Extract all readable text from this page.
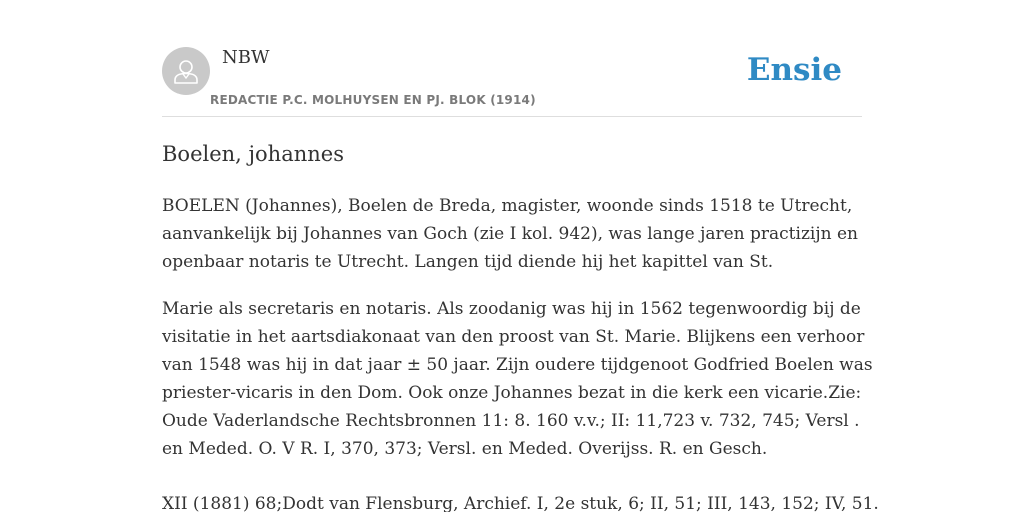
NBW
REDACTIE P.C. MOLHUYSEN EN PJ. BLOK (1914)
Ensie
Boelen, johannes

BOELEN (Johannes), Boelen de Breda, magister, woonde sinds 1518 te Utrecht,
aanvankelijk bij Johannes van Goch (zie I kol. 942), was lange jaren practizijn en
openbaar notaris te Utrecht. Langen tijd diende hij het kapittel van St.

Marie als secretaris en notaris. Als zoodanig was hij in 1562 tegenwoordig bij de
visitatie in het aartsdiakonaat van den proost van St. Marie. Blijkens een verhoor
van 1548 was hij in dat jaar ± 50 jaar. Zijn oudere tijdgenoot Godfried Boelen was
priester-vicaris in den Dom. Ook onze Johannes bezat in die kerk een vicarie.Zie:
Oude Vaderlandsche Rechtsbronnen 11: 8. 160 v.v.; II: 11,723 v. 732, 745; Versl .
en Meded. O. V R. I, 370, 373; Versl. en Meded. Overijss. R. en Gesch.

XII (1881) 68;Dodt van Flensburg, Archief. I, 2e stuk, 6; II, 51; III, 143, 152; IV, 51.
